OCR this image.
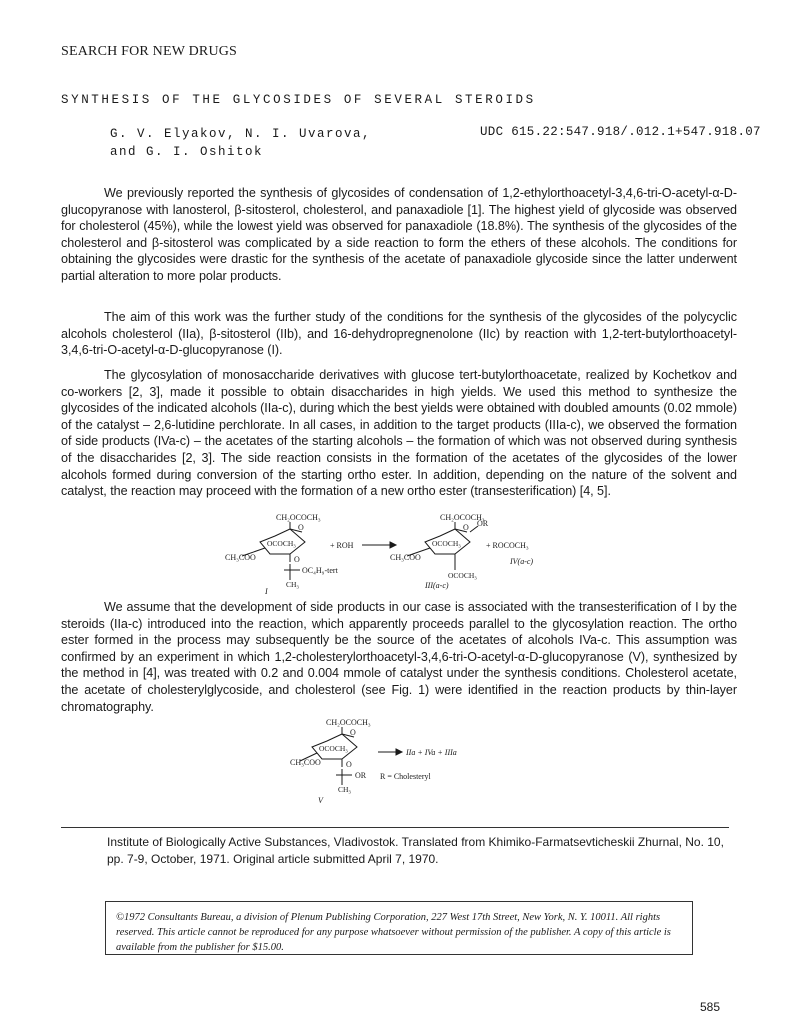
SEARCH FOR NEW DRUGS
SYNTHESIS OF THE GLYCOSIDES OF SEVERAL STEROIDS
G. V. Elyakov, N. I. Uvarova,
and G. I. Oshitok
UDC 615.22:547.918/.012.1+547.918.07

We previously reported the synthesis of glycosides of condensation of 1,2-ethylorthoacetyl-3,4,6-tri-O-acetyl-α-D-glucopyranose with lanosterol, β-sitosterol, cholesterol, and panaxadiole [1]. The highest yield of glycoside was observed for cholesterol (45%), while the lowest yield was observed for panaxadiole (18.8%). The synthesis of the glycosides of the cholesterol and β-sitosterol was complicated by a side reaction to form the ethers of these alcohols. The conditions for obtaining the glycosides were drastic for the synthesis of the acetate of panaxadiole glycoside since the latter underwent partial alteration to more polar products.

The aim of this work was the further study of the conditions for the synthesis of the glycosides of the polycyclic alcohols cholesterol (IIa), β-sitosterol (IIb), and 16-dehydropregnenolone (IIc) by reaction with 1,2-tert-butylorthoacetyl-3,4,6-tri-O-acetyl-α-D-glucopyranose (I).

The glycosylation of monosaccharide derivatives with glucose tert-butylorthoacetate, realized by Kochetkov and co-workers [2, 3], made it possible to obtain disaccharides in high yields. We used this method to synthesize the glycosides of the indicated alcohols (IIa-c), during which the best yields were obtained with doubled amounts (0.02 mmole) of the catalyst – 2,6-lutidine perchlorate. In all cases, in addition to the target products (IIIa-c), we observed the formation of side products (IVa-c) – the acetates of the starting alcohols – the formation of which was not observed during synthesis of the disaccharides [2, 3]. The side reaction consists in the formation of the acetates of the glycosides of the lower alcohols formed during conversion of the starting ortho ester. In addition, depending on the nature of the solvent and catalyst, the reaction may proceed with the formation of a new ortho ester (transesterification) [4, 5].

CH₂OCOCH₃
O
OCOCH₃
CH₃COO	O
OC₄H₉-tert
CH₃
I
+ ROH
CH₂OCOCH₃
O OR
OCOCH₃
CH₃COO
OCOCH₃
III(a-c)
+ ROCOCH₃
IV(a-c)

We assume that the development of side products in our case is associated with the transesterification of I by the steroids (IIa-c) introduced into the reaction, which apparently proceeds parallel to the glycosylation reaction. The ortho ester formed in the process may subsequently be the source of the acetates of alcohols IVa-c. This assumption was confirmed by an experiment in which 1,2-cholesterylorthoacetyl-3,4,6-tri-O-acetyl-α-D-glucopyranose (V), synthesized by the method in [4], was treated with 0.2 and 0.004 mmole of catalyst under the synthesis conditions. Cholesterol acetate, the acetate of cholesterylglycoside, and cholesterol (see Fig. 1) were identified in the reaction products by thin-layer chromatography.

CH₂OCOCH₃
O
OCOCH₃
CH₃COO	O
OR
CH₃
V
IIa + IVa + IIIa
R = Cholesteryl

Institute of Biologically Active Substances, Vladivostok. Translated from Khimiko-Farmatsevticheskii Zhurnal, No. 10, pp. 7-9, October, 1971. Original article submitted April 7, 1970.

©1972 Consultants Bureau, a division of Plenum Publishing Corporation, 227 West 17th Street, New York, N. Y. 10011. All rights reserved. This article cannot be reproduced for any purpose whatsoever without permission of the publisher. A copy of this article is available from the publisher for $15.00.
585
